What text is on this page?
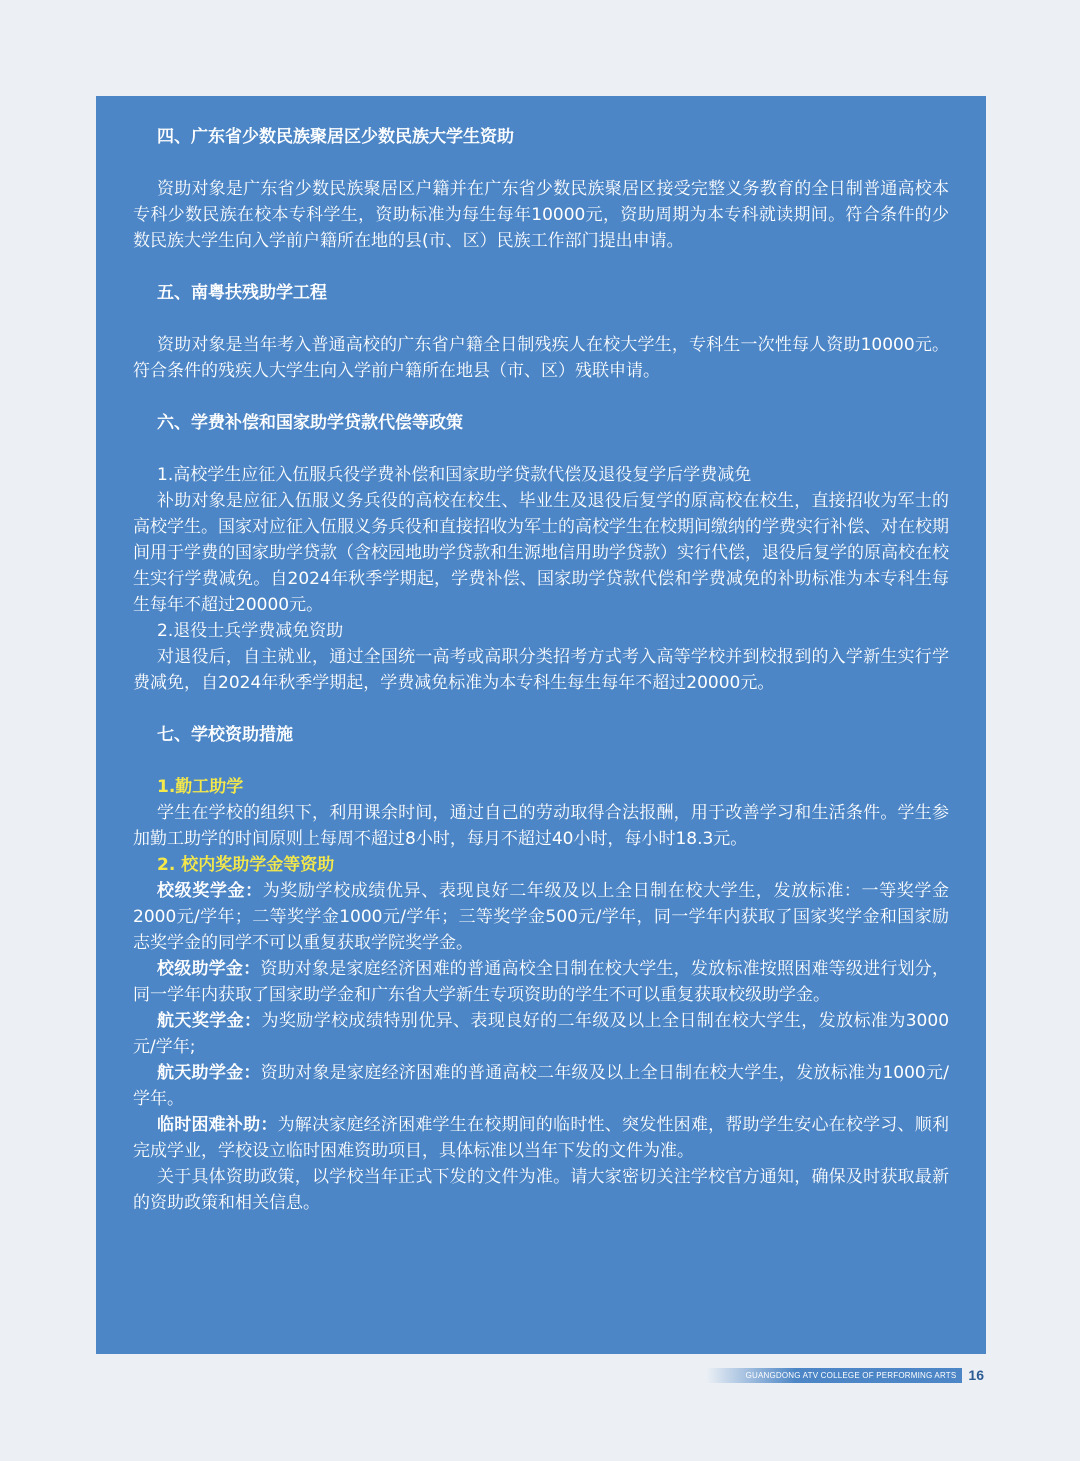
四、广东省少数民族聚居区少数民族大学生资助

资助对象是广东省少数民族聚居区户籍并在广东省少数民族聚居区接受完整义务教育的全日制普通高校本专科少数民族在校本专科学生，资助标准为每生每年10000元，资助周期为本专科就读期间。符合条件的少数民族大学生向入学前户籍所在地的县(市、区）民族工作部门提出申请。

五、南粤扶残助学工程

资助对象是当年考入普通高校的广东省户籍全日制残疾人在校大学生，专科生一次性每人资助10000元。符合条件的残疾人大学生向入学前户籍所在地县（市、区）残联申请。

六、学费补偿和国家助学贷款代偿等政策

1.高校学生应征入伍服兵役学费补偿和国家助学贷款代偿及退役复学后学费减免

补助对象是应征入伍服义务兵役的高校在校生、毕业生及退役后复学的原高校在校生，直接招收为军士的高校学生。国家对应征入伍服义务兵役和直接招收为军士的高校学生在校期间缴纳的学费实行补偿、对在校期间用于学费的国家助学贷款（含校园地助学贷款和生源地信用助学贷款）实行代偿，退役后复学的原高校在校生实行学费减免。自2024年秋季学期起，学费补偿、国家助学贷款代偿和学费减免的补助标准为本专科生每生每年不超过20000元。

2.退役士兵学费减免资助

对退役后，自主就业，通过全国统一高考或高职分类招考方式考入高等学校并到校报到的入学新生实行学费减免，自2024年秋季学期起，学费减免标准为本专科生每生每年不超过20000元。

七、学校资助措施

1.勤工助学

学生在学校的组织下，利用课余时间，通过自己的劳动取得合法报酬，用于改善学习和生活条件。学生参加勤工助学的时间原则上每周不超过8小时，每月不超过40小时，每小时18.3元。

2. 校内奖助学金等资助

校级奖学金：为奖励学校成绩优异、表现良好二年级及以上全日制在校大学生，发放标准：一等奖学金2000元/学年；二等奖学金1000元/学年；三等奖学金500元/学年，同一学年内获取了国家奖学金和国家励志奖学金的同学不可以重复获取学院奖学金。

校级助学金：资助对象是家庭经济困难的普通高校全日制在校大学生，发放标准按照困难等级进行划分，同一学年内获取了国家助学金和广东省大学新生专项资助的学生不可以重复获取校级助学金。

航天奖学金：为奖励学校成绩特别优异、表现良好的二年级及以上全日制在校大学生，发放标准为3000元/学年;

航天助学金：资助对象是家庭经济困难的普通高校二年级及以上全日制在校大学生，发放标准为1000元/学年。

临时困难补助：为解决家庭经济困难学生在校期间的临时性、突发性困难，帮助学生安心在校学习、顺利完成学业，学校设立临时困难资助项目，具体标准以当年下发的文件为准。

关于具体资助政策，以学校当年正式下发的文件为准。请大家密切关注学校官方通知，确保及时获取最新的资助政策和相关信息。

GUANGDONG ATV COLLEGE OF PERFORMING ARTS 16
